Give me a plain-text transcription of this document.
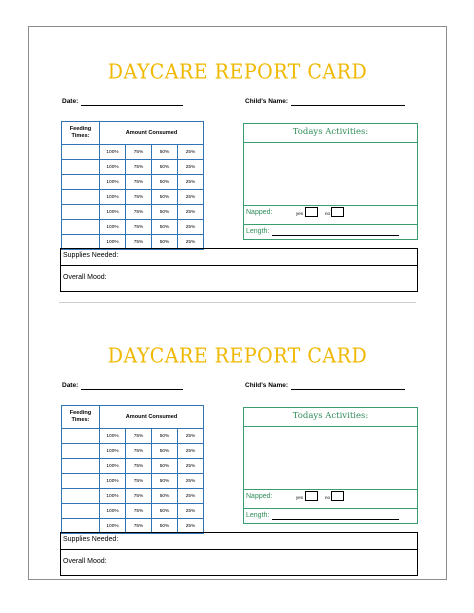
DAYCARE REPORT CARD
Date:	Child's Name:
Feeding Times:	Amount Consumed			
	100%	75%	50%	25%
	100%	75%	50%	25%
	100%	75%	50%	25%
	100%	75%	50%	25%
	100%	75%	50%	25%
	100%	75%	50%	25%
	100%	75%	50%	25%
Todays Activities:
Napped:	yes	no
Length:
Supplies Needed:
Overall Mood:
DAYCARE REPORT CARD
Date:	Child's Name:
Feeding Times:	Amount Consumed			
	100%	75%	50%	25%
	100%	75%	50%	25%
	100%	75%	50%	25%
	100%	75%	50%	25%
	100%	75%	50%	25%
	100%	75%	50%	25%
	100%	75%	50%	25%
Todays Activities:
Napped:	yes	no
Length:
Supplies Needed:
Overall Mood:
